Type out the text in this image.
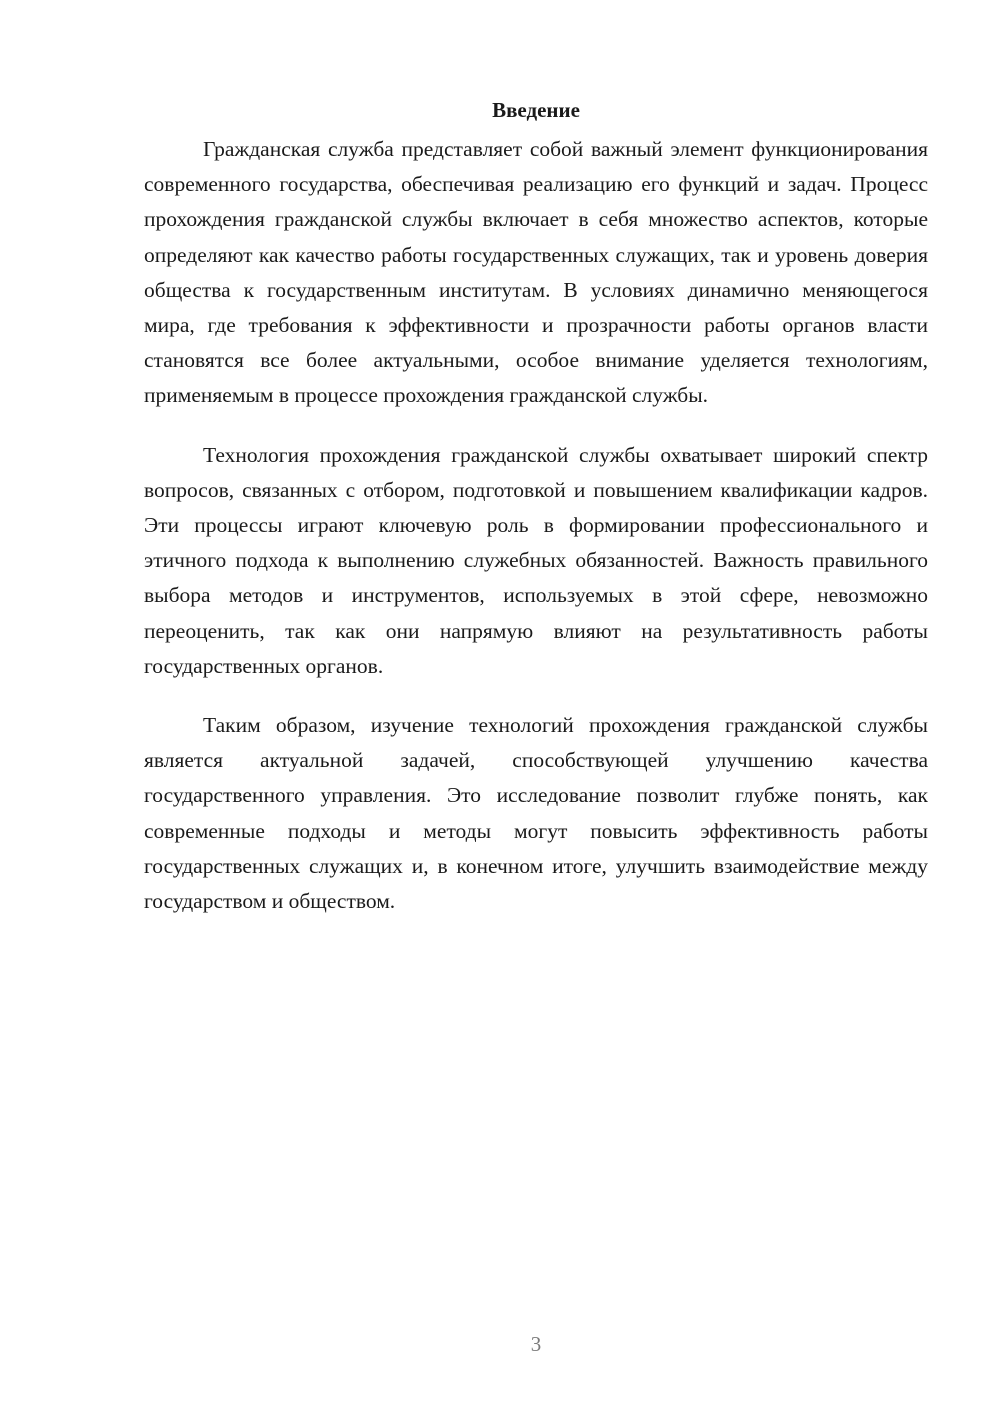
Введение

Гражданская служба представляет собой важный элемент функционирования современного государства, обеспечивая реализацию его функций и задач. Процесс прохождения гражданской службы включает в себя множество аспектов, которые определяют как качество работы государственных служащих, так и уровень доверия общества к государственным институтам. В условиях динамично меняющегося мира, где требования к эффективности и прозрачности работы органов власти становятся все более актуальными, особое внимание уделяется технологиям, применяемым в процессе прохождения гражданской службы.

Технология прохождения гражданской службы охватывает широкий спектр вопросов, связанных с отбором, подготовкой и повышением квалификации кадров. Эти процессы играют ключевую роль в формировании профессионального и этичного подхода к выполнению служебных обязанностей. Важность правильного выбора методов и инструментов, используемых в этой сфере, невозможно переоценить, так как они напрямую влияют на результативность работы государственных органов.

Таким образом, изучение технологий прохождения гражданской службы является актуальной задачей, способствующей улучшению качества государственного управления. Это исследование позволит глубже понять, как современные подходы и методы могут повысить эффективность работы государственных служащих и, в конечном итоге, улучшить взаимодействие между государством и обществом.

3
